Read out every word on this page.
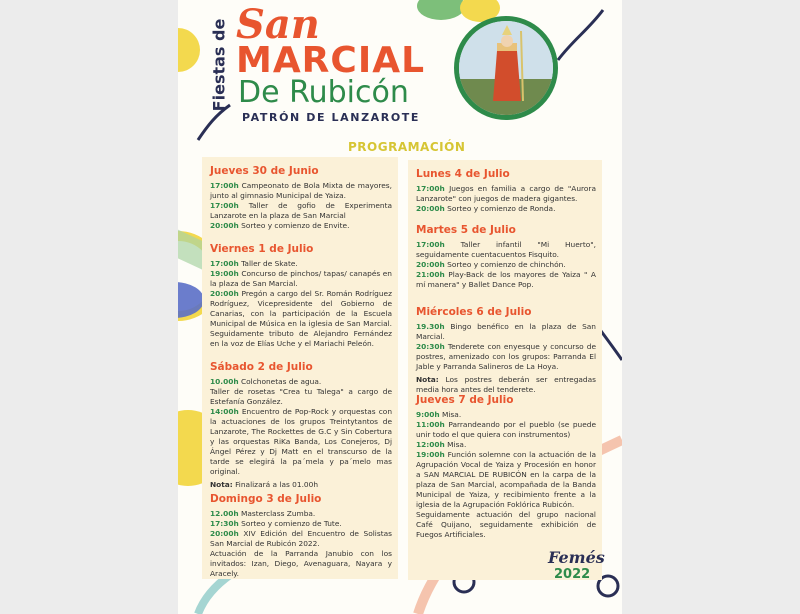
Fiestas de San
MARCIAL
De Rubicón
PATRÓN DE LANZAROTE
PROGRAMACIÓN
Jueves 30 de Junio

17:00h Campeonato de Bola Mixta de mayores, junto al gimnasio Municipal de Yaiza.

17:00h Taller de gofio de Experimenta Lanzarote en la plaza de San Marcial

20:00h Sorteo y comienzo de Envite.

Viernes 1 de Julio

17:00h Taller de Skate.

19:00h Concurso de pinchos/ tapas/ canapés en la plaza de San Marcial.

20:00h Pregón a cargo del Sr. Román Rodríguez Rodríguez, Vicepresidente del Gobierno de Canarias, con la participación de la Escuela Municipal de Música en la iglesia de San Marcial. Seguidamente tributo de Alejandro Fernández en la voz de Elías Uche y el Mariachi Peleón.

Sábado 2 de Julio

10.00h Colchonetas de agua.

Taller de rosetas "Crea tu Talega" a cargo de Estefanía González.

14:00h Encuentro de Pop-Rock y orquestas con la actuaciones de los grupos Treintytantos de Lanzarote, The Rockettes de G.C y Sin Cobertura y las orquestas RiKa Banda, Los Conejeros, Dj Ángel Pérez y Dj Matt en el transcurso de la tarde se elegirá la pa´mela y pa´melo mas original.

Nota: Finalizará a las 01.00h

Domingo 3 de Julio

12.00h Masterclass Zumba.

17:30h Sorteo y comienzo de Tute.

20:00h XIV Edición del Encuentro de Solistas San Marcial de Rubicón 2022.

Actuación de la Parranda Janubio con los invitados: Izan, Diego, Avenaguara, Nayara y Aracely.

Lunes 4 de Julio

17:00h Juegos en familia a cargo de "Aurora Lanzarote" con juegos de madera gigantes.

20:00h Sorteo y comienzo de Ronda.

Martes 5 de Julio

17:00h Taller infantil "Mi Huerto", seguidamente cuentacuentos Fisquito.

20:00h Sorteo y comienzo de chinchón.

21:00h Play-Back de los mayores de Yaiza " A mí manera" y Ballet Dance Pop.

Miércoles 6 de Julio

19.30h Bingo benéfico en la plaza de San Marcial.

20:30h Tenderete con enyesque y concurso de postres, amenizado con los grupos: Parranda El Jable y Parranda Salineros de La Hoya.

Nota: Los postres deberán ser entregadas media hora antes del tenderete.

Jueves 7 de Julio

9:00h Misa.

11:00h Parrandeando por el pueblo (se puede unir todo el que quiera con instrumentos)

12:00h Misa.

19:00h Función solemne con la actuación de la Agrupación Vocal de Yaiza y Procesión en honor a SAN MARCIAL DE RUBICÓN en la carpa de la plaza de San Marcial, acompañada de la Banda Municipal de Yaiza, y recibimiento frente a la iglesia de la Agrupación Foklórica Rubicón.

Seguidamente actuación del grupo nacional Café Quijano, seguidamente exhibición de Fuegos Artificiales.

Femés
2022
